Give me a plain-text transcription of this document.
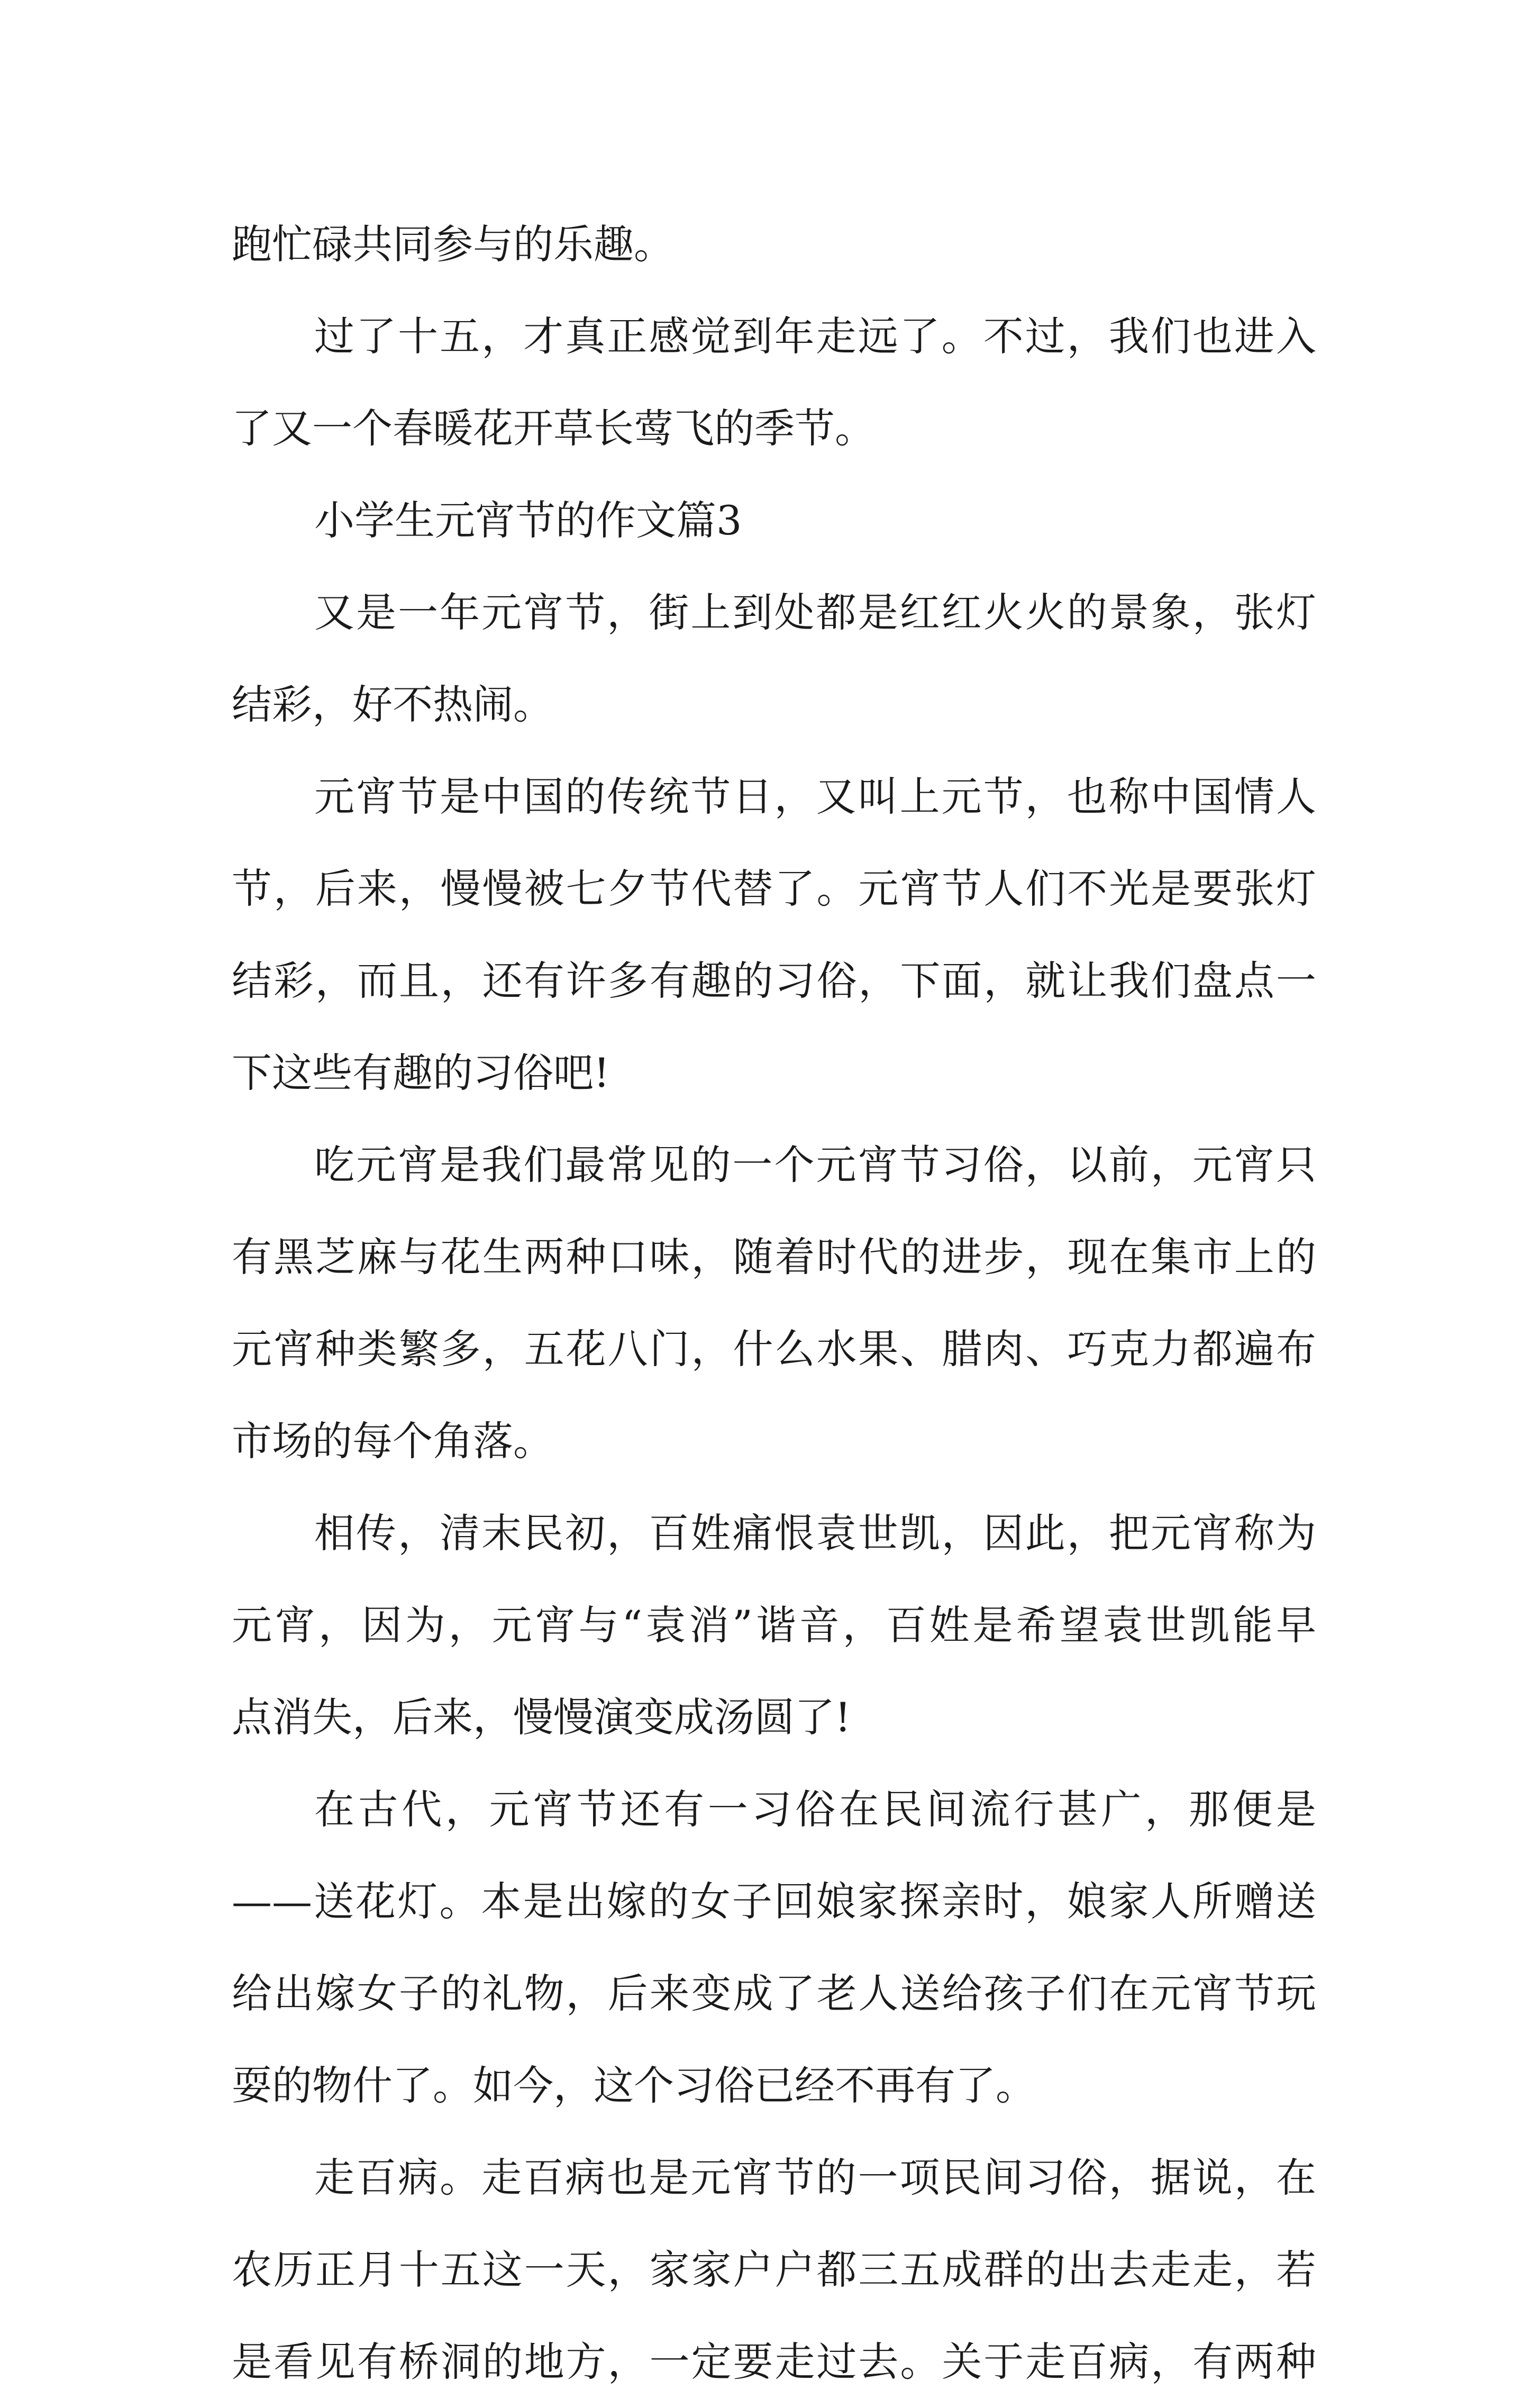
跑忙碌共同参与的乐趣。
过了十五，才真正感觉到年走远了。不过，我们也进入
了又一个春暖花开草长莺飞的季节。
小学生元宵节的作文篇3
又是一年元宵节，街上到处都是红红火火的景象，张灯
结彩，好不热闹。
元宵节是中国的传统节日，又叫上元节，也称中国情人
节，后来，慢慢被七夕节代替了。元宵节人们不光是要张灯
结彩，而且，还有许多有趣的习俗，下面，就让我们盘点一
下这些有趣的习俗吧!
吃元宵是我们最常见的一个元宵节习俗，以前，元宵只
有黑芝麻与花生两种口味，随着时代的进步，现在集市上的
元宵种类繁多，五花八门，什么水果、腊肉、巧克力都遍布
市场的每个角落。
相传，清末民初，百姓痛恨袁世凯，因此，把元宵称为
元宵，因为，元宵与“袁消”谐音，百姓是希望袁世凯能早
点消失，后来，慢慢演变成汤圆了!
在古代，元宵节还有一习俗在民间流行甚广，那便是
——送花灯。本是出嫁的女子回娘家探亲时，娘家人所赠送
给出嫁女子的礼物，后来变成了老人送给孩子们在元宵节玩
耍的物什了。如今，这个习俗已经不再有了。
走百病。走百病也是元宵节的一项民间习俗，据说，在
农历正月十五这一天，家家户户都三五成群的出去走走，若
是看见有桥洞的地方，一定要走过去。关于走百病，有两种
